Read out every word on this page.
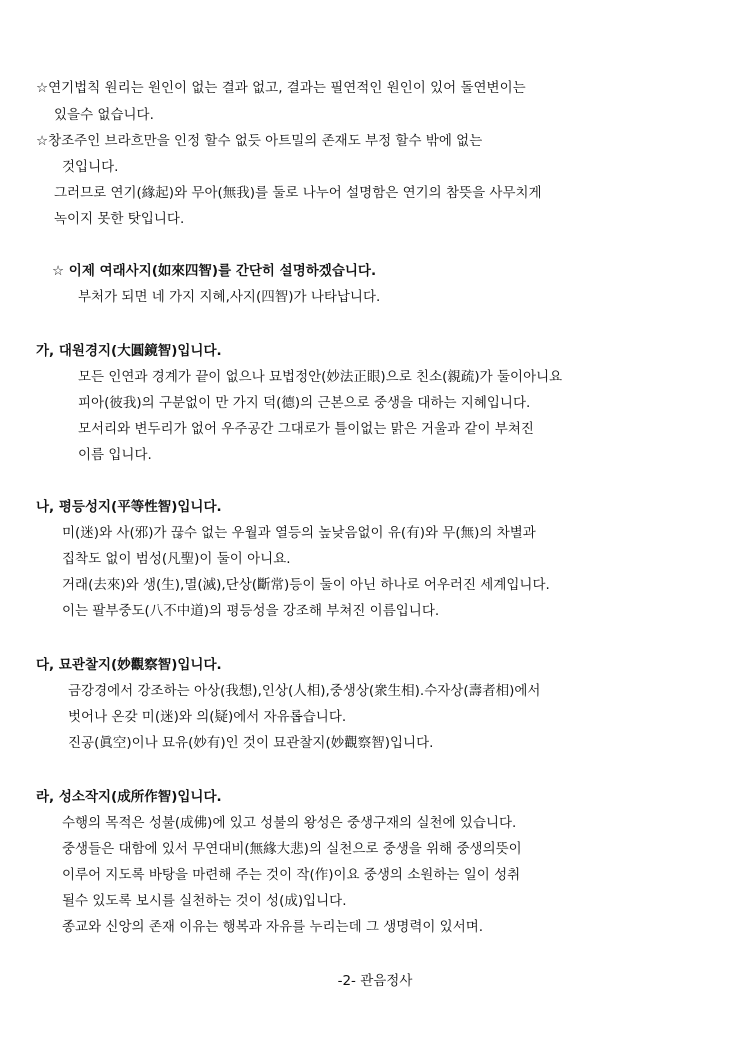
☆연기법칙 원리는 원인이 없는 결과 없고, 결과는 필연적인 원인이 있어 돌연변이는
있을수 없습니다.
☆창조주인 브라흐만을 인정 할수 없듯 아트밀의 존재도 부정 할수 밖에 없는
것입니다.
그러므로 연기(緣起)와 무아(無我)를 둘로 나누어 설명함은 연기의 참뜻을 사무치게
녹이지 못한 탓입니다.
☆ 이제 여래사지(如來四智)를 간단히 설명하겠습니다.
부처가 되면 네 가지 지혜,사지(四智)가 나타납니다.
가, 대원경지(大圓鏡智)입니다.
모든 인연과 경계가 끝이 없으나 묘법정안(妙法正眼)으로 친소(親疏)가 둘이아니요
피아(彼我)의 구분없이 만 가지 덕(德)의 근본으로 중생을 대하는 지혜입니다.
모서리와 변두리가 없어 우주공간 그대로가 틀이없는 맑은 거울과 같이 부쳐진
이름 입니다.
나, 평등성지(平等性智)입니다.
미(迷)와 사(邪)가 끊수 없는 우월과 열등의 높낮음없이 유(有)와 무(無)의 차별과
집착도 없이 범성(凡聖)이 둘이 아니요.
거래(去來)와 생(生),멸(滅),단상(斷常)등이 둘이 아닌 하나로 어우러진 세계입니다.
이는 팔부중도(八不中道)의 평등성을 강조해 부쳐진 이름입니다.
다, 묘관찰지(妙觀察智)입니다.
금강경에서 강조하는 아상(我想),인상(人相),중생상(衆生相).수자상(壽者相)에서
벗어나 온갖 미(迷)와 의(疑)에서 자유롭습니다.
진공(眞空)이나 묘유(妙有)인 것이 묘관찰지(妙觀察智)입니다.
라, 성소작지(成所作智)입니다.
수행의 목적은 성불(成佛)에 있고 성불의 왕성은 중생구재의 실천에 있습니다.
중생들은 대함에 있서 무연대비(無緣大悲)의 실천으로 중생을 위해 중생의뜻이
이루어 지도록 바탕을 마련해 주는 것이 작(作)이요 중생의 소원하는 일이 성취
될수 있도록 보시를 실천하는 것이 성(成)입니다.
종교와 신앙의 존재 이유는 행복과 자유를 누리는데 그 생명력이 있서며.
-2- 관음정사
